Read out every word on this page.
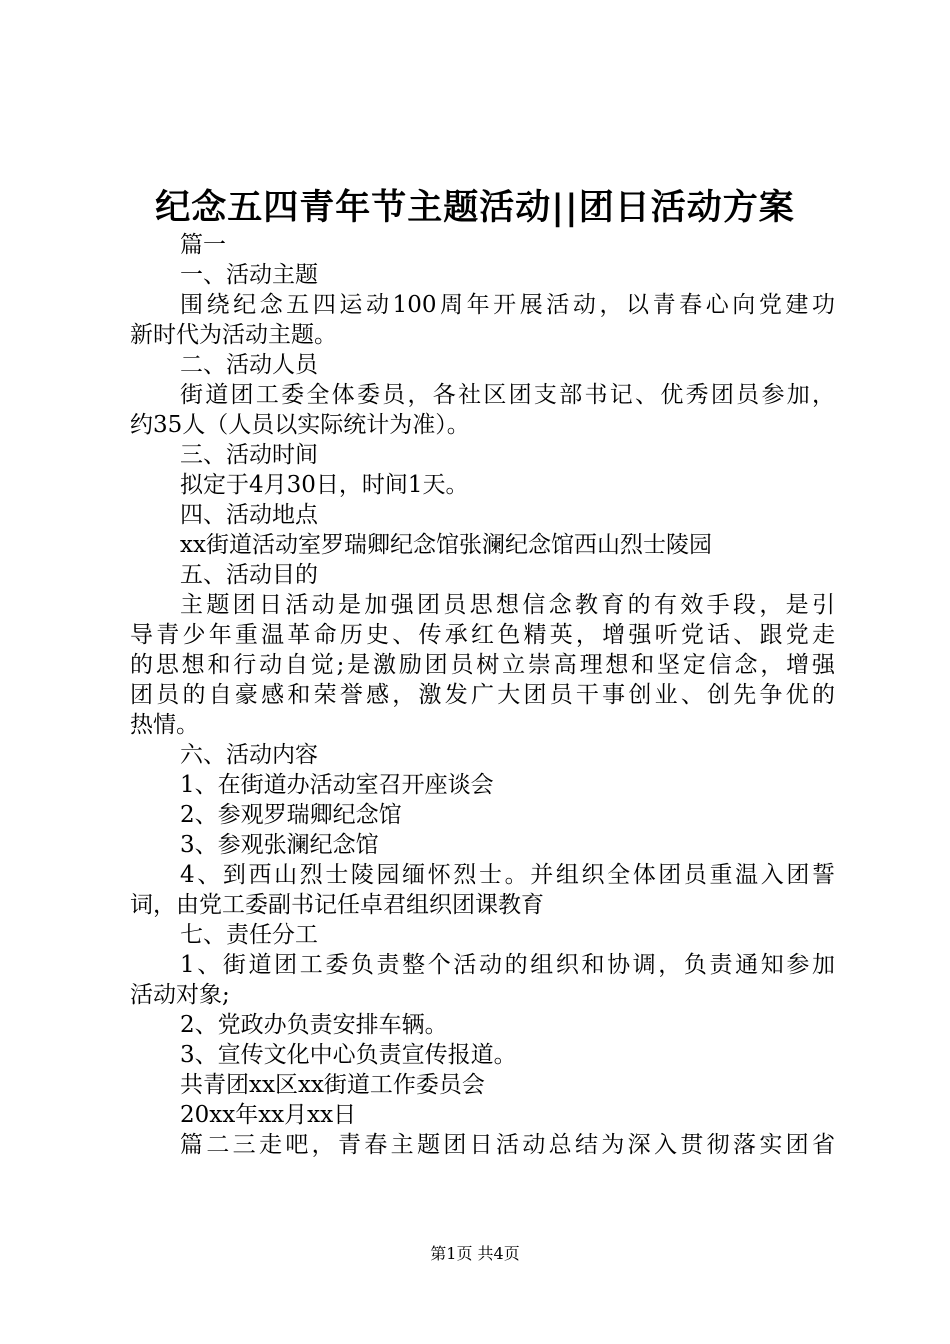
纪念五四青年节主题活动||团日活动方案
篇一
一、活动主题
围绕纪念五四运动100周年开展活动，以青春心向党建功
新时代为活动主题。
二、活动人员
街道团工委全体委员，各社区团支部书记、优秀团员参加，
约35人（人员以实际统计为准）。
三、活动时间
拟定于4月30日，时间1天。
四、活动地点
xx街道活动室罗瑞卿纪念馆张澜纪念馆西山烈士陵园
五、活动目的
主题团日活动是加强团员思想信念教育的有效手段，是引
导青少年重温革命历史、传承红色精英，增强听党话、跟党走
的思想和行动自觉;是激励团员树立崇高理想和坚定信念，增强
团员的自豪感和荣誉感，激发广大团员干事创业、创先争优的
热情。
六、活动内容
1、在街道办活动室召开座谈会
2、参观罗瑞卿纪念馆
3、参观张澜纪念馆
4、到西山烈士陵园缅怀烈士。并组织全体团员重温入团誓
词，由党工委副书记任卓君组织团课教育
七、责任分工
1、街道团工委负责整个活动的组织和协调，负责通知参加
活动对象;
2、党政办负责安排车辆。
3、宣传文化中心负责宣传报道。
共青团xx区xx街道工作委员会
20xx年xx月xx日
篇二三走吧，青春主题团日活动总结为深入贯彻落实团省
第1页 共4页
